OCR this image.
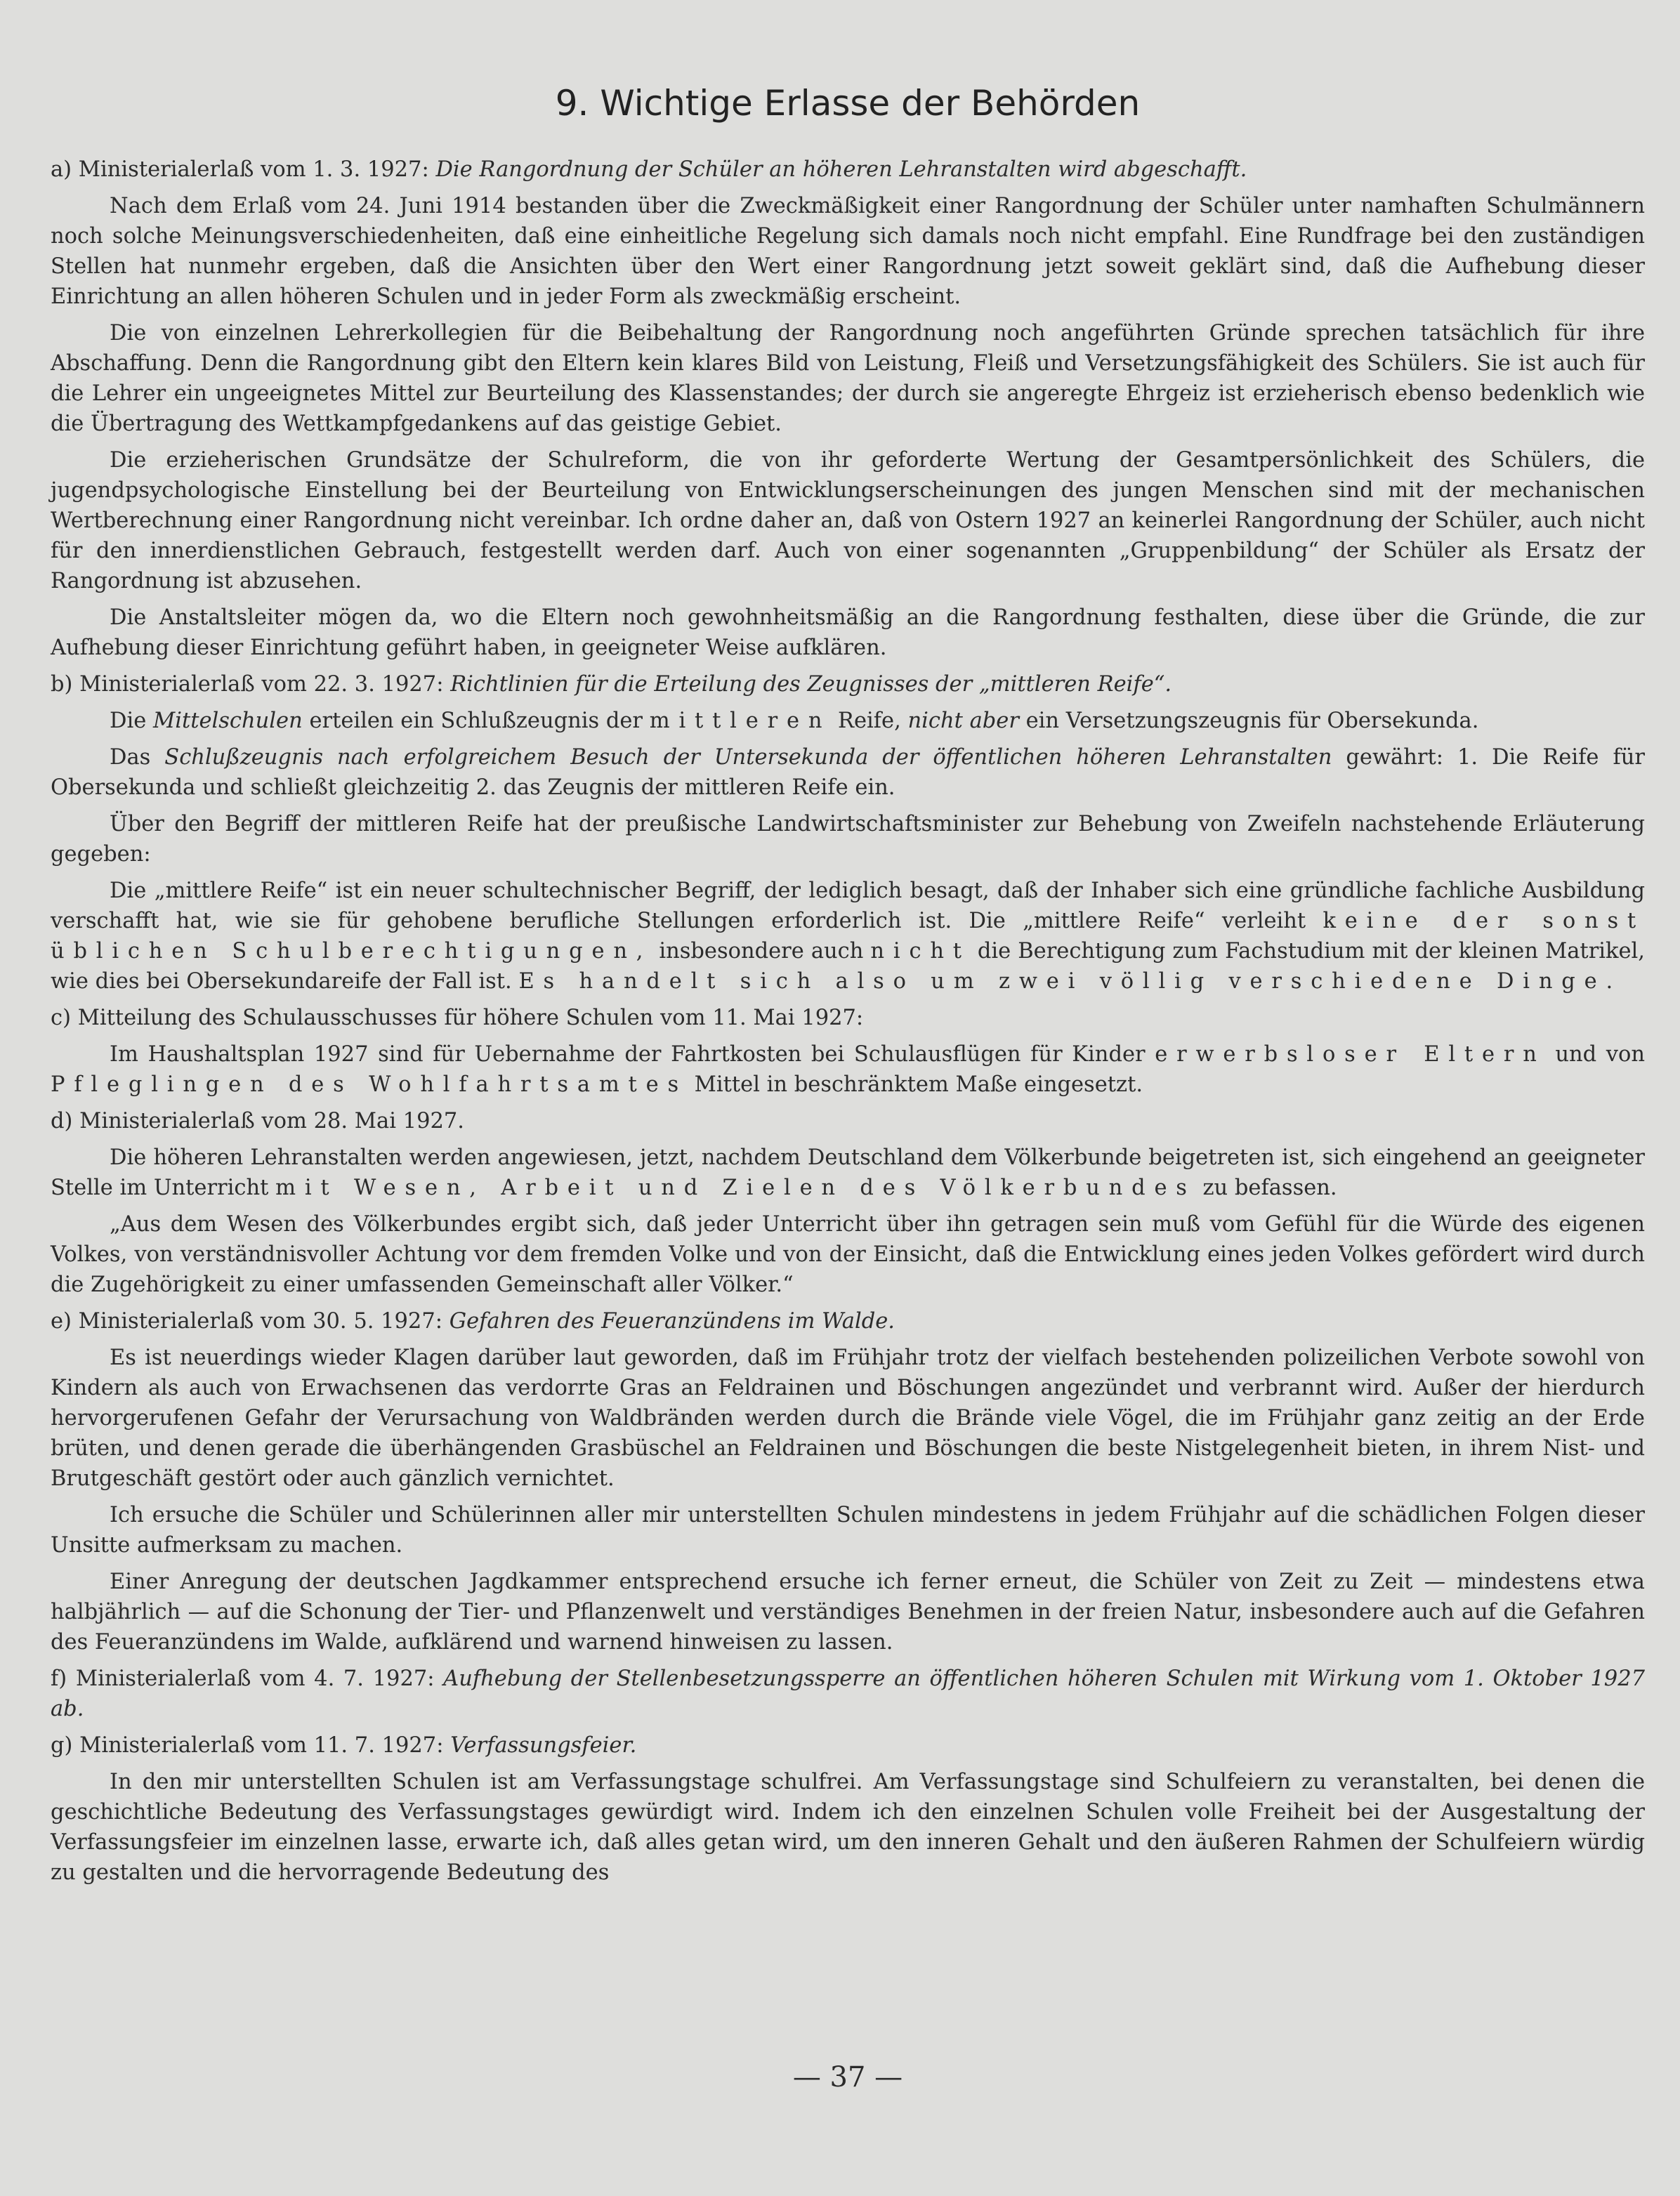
9. Wichtige Erlasse der Behörden

a) Ministerialerlaß vom 1. 3. 1927: Die Rangordnung der Schüler an höheren Lehranstalten wird abgeschafft.

Nach dem Erlaß vom 24. Juni 1914 bestanden über die Zweckmäßigkeit einer Rangordnung der Schüler unter namhaften Schulmännern noch solche Meinungsverschiedenheiten, daß eine einheitliche Regelung sich damals noch nicht empfahl. Eine Rundfrage bei den zuständigen Stellen hat nunmehr ergeben, daß die Ansichten über den Wert einer Rangordnung jetzt soweit geklärt sind, daß die Aufhebung dieser Einrichtung an allen höheren Schulen und in jeder Form als zweckmäßig erscheint.

Die von einzelnen Lehrerkollegien für die Beibehaltung der Rangordnung noch angeführten Gründe sprechen tatsächlich für ihre Abschaffung. Denn die Rangordnung gibt den Eltern kein klares Bild von Leistung, Fleiß und Versetzungsfähigkeit des Schülers. Sie ist auch für die Lehrer ein ungeeignetes Mittel zur Beurteilung des Klassenstandes; der durch sie angeregte Ehrgeiz ist erzieherisch ebenso bedenklich wie die Übertragung des Wettkampfgedankens auf das geistige Gebiet.

Die erzieherischen Grundsätze der Schulreform, die von ihr geforderte Wertung der Gesamtpersönlichkeit des Schülers, die jugendpsychologische Einstellung bei der Beurteilung von Entwicklungserscheinungen des jungen Menschen sind mit der mechanischen Wertberechnung einer Rangordnung nicht vereinbar. Ich ordne daher an, daß von Ostern 1927 an keinerlei Rangordnung der Schüler, auch nicht für den innerdienstlichen Gebrauch, festgestellt werden darf. Auch von einer sogenannten „Gruppenbildung“ der Schüler als Ersatz der Rangordnung ist abzusehen.

Die Anstaltsleiter mögen da, wo die Eltern noch gewohnheitsmäßig an die Rangordnung festhalten, diese über die Gründe, die zur Aufhebung dieser Einrichtung geführt haben, in geeigneter Weise aufklären.

b) Ministerialerlaß vom 22. 3. 1927: Richtlinien für die Erteilung des Zeugnisses der „mittleren Reife“.

Die Mittelschulen erteilen ein Schlußzeugnis der mittleren Reife, nicht aber ein Versetzungszeugnis für Obersekunda.

Das Schlußzeugnis nach erfolgreichem Besuch der Untersekunda der öffentlichen höheren Lehranstalten gewährt: 1. Die Reife für Obersekunda und schließt gleichzeitig 2. das Zeugnis der mittleren Reife ein.

Über den Begriff der mittleren Reife hat der preußische Landwirtschaftsminister zur Behebung von Zweifeln nachstehende Erläuterung gegeben:

Die „mittlere Reife“ ist ein neuer schultechnischer Begriff, der lediglich besagt, daß der Inhaber sich eine gründliche fachliche Ausbildung verschafft hat, wie sie für gehobene berufliche Stellungen erforderlich ist. Die „mittlere Reife“ verleiht keine der sonst üblichen Schulberechtigungen, insbesondere auch nicht die Berechtigung zum Fachstudium mit der kleinen Matrikel, wie dies bei Obersekundareife der Fall ist. Es handelt sich also um zwei völlig verschiedene Dinge.

c) Mitteilung des Schulausschusses für höhere Schulen vom 11. Mai 1927:

Im Haushaltsplan 1927 sind für Uebernahme der Fahrtkosten bei Schulausflügen für Kinder erwerbsloser Eltern und von Pfleglingen des Wohlfahrtsamtes Mittel in beschränktem Maße eingesetzt.

d) Ministerialerlaß vom 28. Mai 1927.

Die höheren Lehranstalten werden angewiesen, jetzt, nachdem Deutschland dem Völkerbunde beigetreten ist, sich eingehend an geeigneter Stelle im Unterricht mit Wesen, Arbeit und Zielen des Völkerbundes zu befassen.

„Aus dem Wesen des Völkerbundes ergibt sich, daß jeder Unterricht über ihn getragen sein muß vom Gefühl für die Würde des eigenen Volkes, von verständnisvoller Achtung vor dem fremden Volke und von der Einsicht, daß die Entwicklung eines jeden Volkes gefördert wird durch die Zugehörigkeit zu einer umfassenden Gemeinschaft aller Völker.“

e) Ministerialerlaß vom 30. 5. 1927: Gefahren des Feueranzündens im Walde.

Es ist neuerdings wieder Klagen darüber laut geworden, daß im Frühjahr trotz der vielfach bestehenden polizeilichen Verbote sowohl von Kindern als auch von Erwachsenen das verdorrte Gras an Feldrainen und Böschungen angezündet und verbrannt wird. Außer der hierdurch hervorgerufenen Gefahr der Verursachung von Waldbränden werden durch die Brände viele Vögel, die im Frühjahr ganz zeitig an der Erde brüten, und denen gerade die überhängenden Grasbüschel an Feldrainen und Böschungen die beste Nistgelegenheit bieten, in ihrem Nist- und Brutgeschäft gestört oder auch gänzlich vernichtet.

Ich ersuche die Schüler und Schülerinnen aller mir unterstellten Schulen mindestens in jedem Frühjahr auf die schädlichen Folgen dieser Unsitte aufmerksam zu machen.

Einer Anregung der deutschen Jagdkammer entsprechend ersuche ich ferner erneut, die Schüler von Zeit zu Zeit — mindestens etwa halbjährlich — auf die Schonung der Tier- und Pflanzenwelt und verständiges Benehmen in der freien Natur, insbesondere auch auf die Gefahren des Feueranzündens im Walde, aufklärend und warnend hinweisen zu lassen.

f) Ministerialerlaß vom 4. 7. 1927: Aufhebung der Stellenbesetzungssperre an öffentlichen höheren Schulen mit Wirkung vom 1. Oktober 1927 ab.

g) Ministerialerlaß vom 11. 7. 1927: Verfassungsfeier.

In den mir unterstellten Schulen ist am Verfassungstage schulfrei. Am Verfassungstage sind Schulfeiern zu veranstalten, bei denen die geschichtliche Bedeutung des Verfassungstages gewürdigt wird. Indem ich den einzelnen Schulen volle Freiheit bei der Ausgestaltung der Verfassungsfeier im einzelnen lasse, erwarte ich, daß alles getan wird, um den inneren Gehalt und den äußeren Rahmen der Schulfeiern würdig zu gestalten und die hervorragende Bedeutung des

— 37 —
